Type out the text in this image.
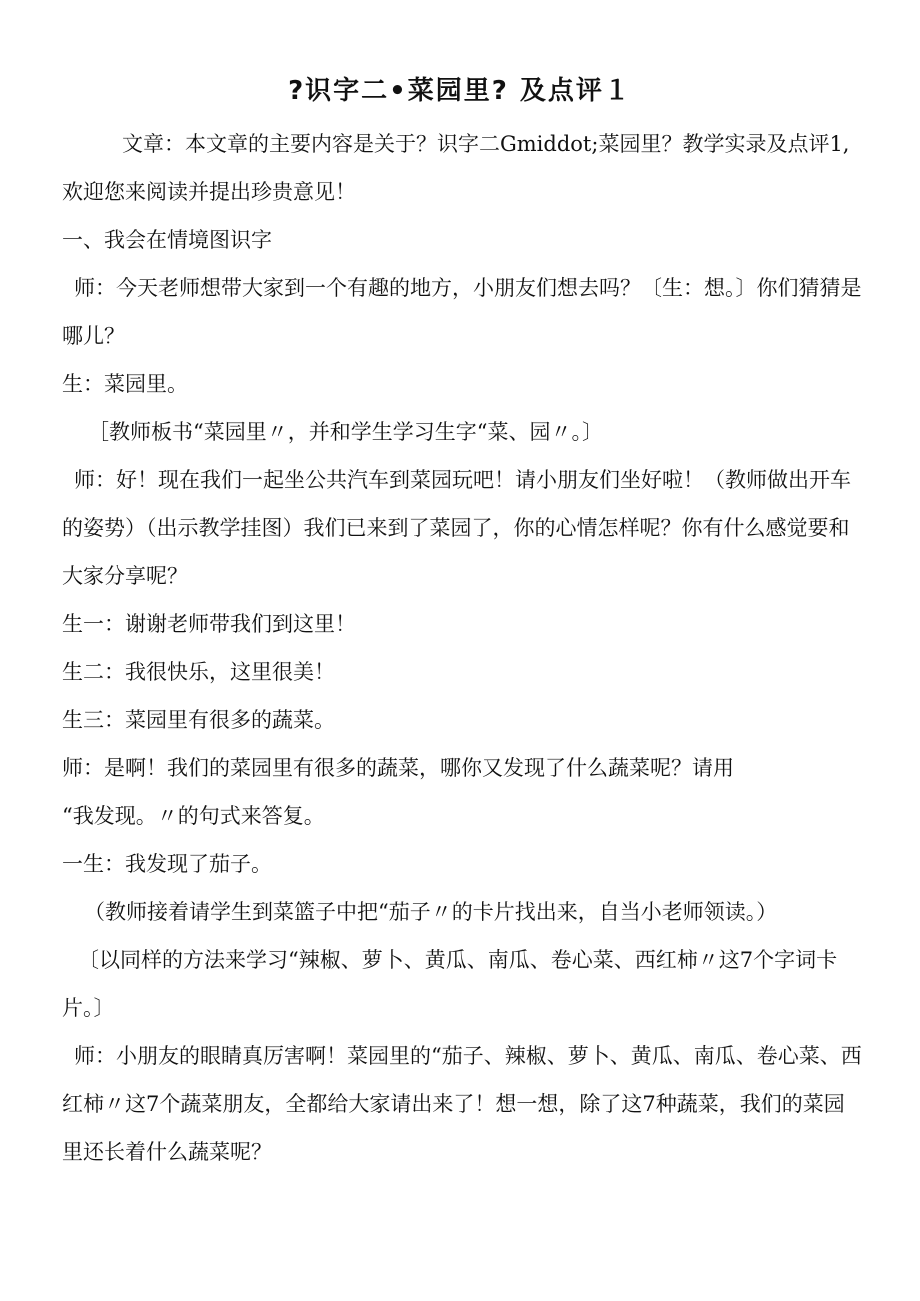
?识字二•菜园里? 及点评１

文章：本文章的主要内容是关于？识字二Gmiddot;菜园里？教学实录及点评1,欢迎您来阅读并提出珍贵意见！

一、我会在情境图识字

师：今天老师想带大家到一个有趣的地方，小朋友们想去吗？〔生：想。〕你们猜猜是哪儿？

生：菜园里。

［教师板书“菜园里〃，并和学生学习生字“菜、园〃。〕

师：好！现在我们一起坐公共汽车到菜园玩吧！请小朋友们坐好啦！（教师做出开车的姿势）（出示教学挂图）我们已来到了菜园了，你的心情怎样呢？你有什么感觉要和大家分享呢？

生一：谢谢老师带我们到这里！

生二：我很快乐，这里很美！

生三：菜园里有很多的蔬菜。

师：是啊！我们的菜园里有很多的蔬菜，哪你又发现了什么蔬菜呢？请用

“我发现。〃的句式来答复。

一生：我发现了茄子。

（教师接着请学生到菜篮子中把“茄子〃的卡片找出来，自当小老师领读。）

〔以同样的方法来学习“辣椒、萝卜、黄瓜、南瓜、卷心菜、西红柿〃这7个字词卡片。〕

师：小朋友的眼睛真厉害啊！菜园里的“茄子、辣椒、萝卜、黄瓜、南瓜、卷心菜、西红柿〃这7个蔬菜朋友，全都给大家请出来了！想一想，除了这7种蔬菜，我们的菜园里还长着什么蔬菜呢？
